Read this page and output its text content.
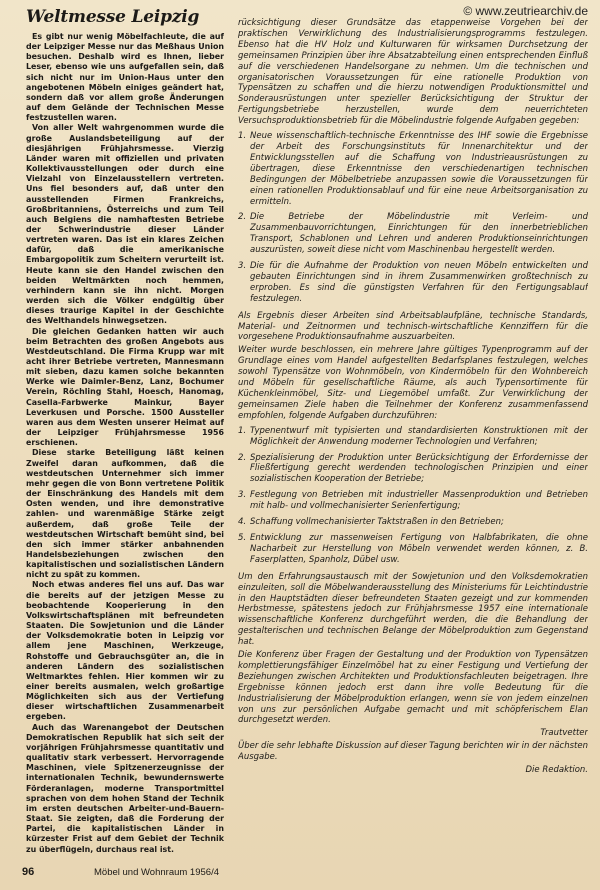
© www.zeutriearchiv.de
Weltmesse Leipzig

Es gibt nur wenig Möbelfachleute, die auf der Leipziger Messe nur das Meßhaus Union besuchen. Deshalb wird es Ihnen, lieber Leser, ebenso wie uns aufgefallen sein, daß sich nicht nur im Union-Haus unter den angebotenen Möbeln einiges geändert hat, sondern daß vor allem große Änderungen auf dem Gelände der Technischen Messe festzustellen waren.

Von aller Welt wahrgenommen wurde die große Auslandsbeteiligung auf der diesjährigen Frühjahrsmesse. Vierzig Länder waren mit offiziellen und privaten Kollektivausstellungen oder durch eine Vielzahl von Einzelausstellern vertreten. Uns fiel besonders auf, daß unter den ausstellenden Firmen Frankreichs, Großbritanniens, Österreichs und zum Teil auch Belgiens die namhaftesten Betriebe der Schwerindustrie dieser Länder vertreten waren. Das ist ein klares Zeichen dafür, daß die amerikanische Embargopolitik zum Scheitern verurteilt ist. Heute kann sie den Handel zwischen den beiden Weltmärkten noch hemmen, verhindern kann sie ihn nicht. Morgen werden sich die Völker endgültig über dieses traurige Kapitel in der Geschichte des Welthandels hinwegsetzen.

Die gleichen Gedanken hatten wir auch beim Betrachten des großen Angebots aus Westdeutschland. Die Firma Krupp war mit acht ihrer Betriebe vertreten, Mannesmann mit sieben, dazu kamen solche bekannten Werke wie Daimler-Benz, Lanz, Bochumer Verein, Röchling Stahl, Hoesch, Hanomag, Casella-Farbwerke Mainkur, Bayer Leverkusen und Porsche. 1500 Aussteller waren aus dem Westen unserer Heimat auf der Leipziger Frühjahrsmesse 1956 erschienen.

Diese starke Beteiligung läßt keinen Zweifel daran aufkommen, daß die westdeutschen Unternehmer sich immer mehr gegen die von Bonn vertretene Politik der Einschränkung des Handels mit dem Osten wenden, und ihre demonstrative zahlen- und warenmäßige Stärke zeigt außerdem, daß große Teile der westdeutschen Wirtschaft bemüht sind, bei den sich immer stärker anbahnenden Handelsbeziehungen zwischen den kapitalistischen und sozialistischen Ländern nicht zu spät zu kommen.

Noch etwas anderes fiel uns auf. Das war die bereits auf der jetzigen Messe zu beobachtende Kooperierung in den Volkswirtschaftsplänen mit befreundeten Staaten. Die Sowjetunion und die Länder der Volksdemokratie boten in Leipzig vor allem jene Maschinen, Werkzeuge, Rohstoffe und Gebrauchsgüter an, die in anderen Ländern des sozialistischen Weltmarktes fehlen. Hier kommen wir zu einer bereits ausmalen, welch großartige Möglichkeiten sich aus der Vertiefung dieser wirtschaftlichen Zusammenarbeit ergeben.

Auch das Warenangebot der Deutschen Demokratischen Republik hat sich seit der vorjährigen Frühjahrsmesse quantitativ und qualitativ stark verbessert. Hervorragende Maschinen, viele Spitzenerzeugnisse der internationalen Technik, bewundernswerte Förderanlagen, moderne Transportmittel sprachen von dem hohen Stand der Technik im ersten deutschen Arbeiter-und-Bauern-Staat. Sie zeigten, daß die Forderung der Partei, die kapitalistischen Länder in kürzester Frist auf dem Gebiet der Technik zu überflügeln, durchaus real ist.

rücksichtigung dieser Grundsätze das etappenweise Vorgehen bei der praktischen Verwirklichung des Industrialisierungsprogramms festzulegen. Ebenso hat die HV Holz und Kulturwaren für wirksamen Durchsetzung der gemeinsamen Prinzipien über ihre Absatzabteilung einen entsprechenden Einfluß auf die verschiedenen Handelsorgane zu nehmen. Um die technischen und organisatorischen Voraussetzungen für eine rationelle Produktion von Typensätzen zu schaffen und die hierzu notwendigen Produktionsmittel und Sonderausrüstungen unter spezieller Berücksichtigung der Struktur der Fertigungsbetriebe herzustellen, wurde dem neuerrichteten Versuchsproduktionsbetrieb für die Möbelindustrie folgende Aufgaben gegeben:

1. Neue wissenschaftlich-technische Erkenntnisse des IHF sowie die Ergebnisse der Arbeit des Forschungsinstituts für Innenarchitektur und der Entwicklungsstellen auf die Schaffung von Industrieausrüstungen zu übertragen, diese Erkenntnisse den verschiedenartigen technischen Bedingungen der Möbelbetriebe anzupassen sowie die Voraussetzungen für einen rationellen Produktionsablauf und für eine neue Arbeitsorganisation zu ermitteln.
2. Die Betriebe der Möbelindustrie mit Verleim- und Zusammenbauvorrichtungen, Einrichtungen für den innerbetrieblichen Transport, Schablonen und Lehren und anderen Produktionseinrichtungen auszurüsten, soweit diese nicht vom Maschinenbau hergestellt werden.
3. Die für die Aufnahme der Produktion von neuen Möbeln entwickelten und gebauten Einrichtungen sind in ihrem Zusammenwirken großtechnisch zu erproben. Es sind die günstigsten Verfahren für den Fertigungsablauf festzulegen.

Als Ergebnis dieser Arbeiten sind Arbeitsablaufpläne, technische Standards, Material- und Zeitnormen und technisch-wirtschaftliche Kennziffern für die vorgesehene Produktionsaufnahme auszuarbeiten.

Weiter wurde beschlossen, ein mehrere Jahre gültiges Typenprogramm auf der Grundlage eines vom Handel aufgestellten Bedarfsplanes festzulegen, welches sowohl Typensätze von Wohnmöbeln, von Kindermöbeln für den Wohnbereich und Möbeln für gesellschaftliche Räume, als auch Typensortimente für Küchenkleinmöbel, Sitz- und Liegemöbel umfaßt. Zur Verwirklichung der gemeinsamen Ziele haben die Teilnehmer der Konferenz zusammenfassend empfohlen, folgende Aufgaben durchzuführen:

1. Typenentwurf mit typisierten und standardisierten Konstruktionen mit der Möglichkeit der Anwendung moderner Technologien und Verfahren;
2. Spezialisierung der Produktion unter Berücksichtigung der Erfordernisse der Fließfertigung gerecht werdenden technologischen Prinzipien und einer sozialistischen Kooperation der Betriebe;
3. Festlegung von Betrieben mit industrieller Massenproduktion und Betrieben mit halb- und vollmechanisierter Serienfertigung;
4. Schaffung vollmechanisierter Taktstraßen in den Betrieben;
5. Entwicklung zur massenweisen Fertigung von Halbfabrikaten, die ohne Nacharbeit zur Herstellung von Möbeln verwendet werden können, z. B. Faserplatten, Spanholz, Dübel usw.

Um den Erfahrungsaustausch mit der Sowjetunion und den Volksdemokratien einzuleiten, soll die Möbelwanderausstellung des Ministeriums für Leichtindustrie in den Hauptstädten dieser befreundeten Staaten gezeigt und zur kommenden Herbstmesse, spätestens jedoch zur Frühjahrsmesse 1957 eine internationale wissenschaftliche Konferenz durchgeführt werden, die die Behandlung der gestalterischen und technischen Belange der Möbelproduktion zum Gegenstand hat.

Die Konferenz über Fragen der Gestaltung und der Produktion von Typensätzen komplettierungsfähiger Einzelmöbel hat zu einer Festigung und Vertiefung der Beziehungen zwischen Architekten und Produktionsfachleuten beigetragen. Ihre Ergebnisse können jedoch erst dann ihre volle Bedeutung für die Industrialisierung der Möbelproduktion erlangen, wenn sie von jedem einzelnen von uns zur persönlichen Aufgabe gemacht und mit schöpferischem Elan durchgesetzt werden.

Trautvetter

Über die sehr lebhafte Diskussion auf dieser Tagung berichten wir in der nächsten Ausgabe.

Die Redaktion.

96	Möbel und Wohnraum 1956/4
